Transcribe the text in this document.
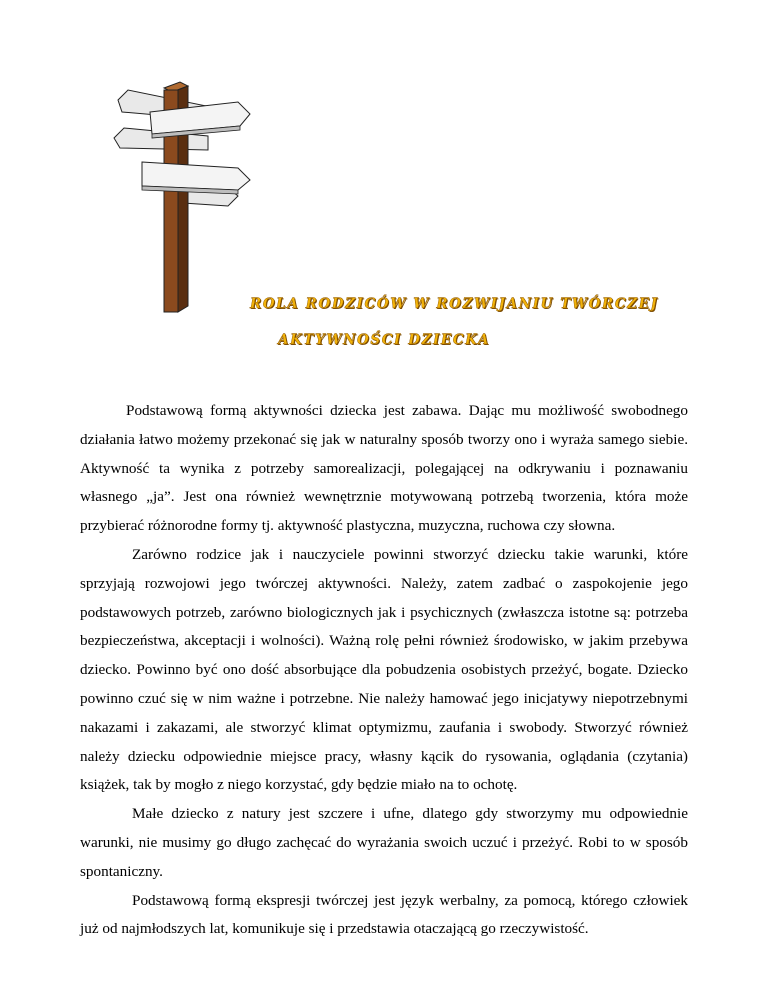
ROLA RODZICÓW W ROZWIJANIU TWÓRCZEJ
AKTYWNOŚCI DZIECKA

Podstawową formą aktywności dziecka jest zabawa. Dając mu możliwość swobodnego działania łatwo możemy przekonać się jak w naturalny sposób tworzy ono i wyraża samego siebie. Aktywność ta wynika z potrzeby samorealizacji, polegającej na odkrywaniu i poznawaniu własnego „ja”. Jest ona również wewnętrznie motywowaną potrzebą tworzenia, która może przybierać różnorodne formy tj. aktywność plastyczna, muzyczna, ruchowa czy słowna.

Zarówno rodzice jak i nauczyciele powinni stworzyć dziecku takie warunki, które sprzyjają rozwojowi jego twórczej aktywności. Należy, zatem zadbać o zaspokojenie jego podstawowych potrzeb, zarówno biologicznych jak i psychicznych (zwłaszcza istotne są: potrzeba bezpieczeństwa, akceptacji i wolności). Ważną rolę pełni również środowisko, w jakim przebywa dziecko. Powinno być ono dość absorbujące dla pobudzenia osobistych przeżyć, bogate. Dziecko powinno czuć się w nim ważne i potrzebne. Nie należy hamować jego inicjatywy niepotrzebnymi nakazami i zakazami, ale stworzyć klimat optymizmu, zaufania i swobody. Stworzyć również należy dziecku odpowiednie miejsce pracy, własny kącik do rysowania, oglądania (czytania) książek, tak by mogło z niego korzystać, gdy będzie miało na to ochotę.

Małe dziecko z natury jest szczere i ufne, dlatego gdy stworzymy mu odpowiednie warunki, nie musimy go długo zachęcać do wyrażania swoich uczuć i przeżyć. Robi to w sposób spontaniczny.

Podstawową formą ekspresji twórczej jest język werbalny, za pomocą, którego człowiek już od najmłodszych lat, komunikuje się i przedstawia otaczającą go rzeczywistość.
